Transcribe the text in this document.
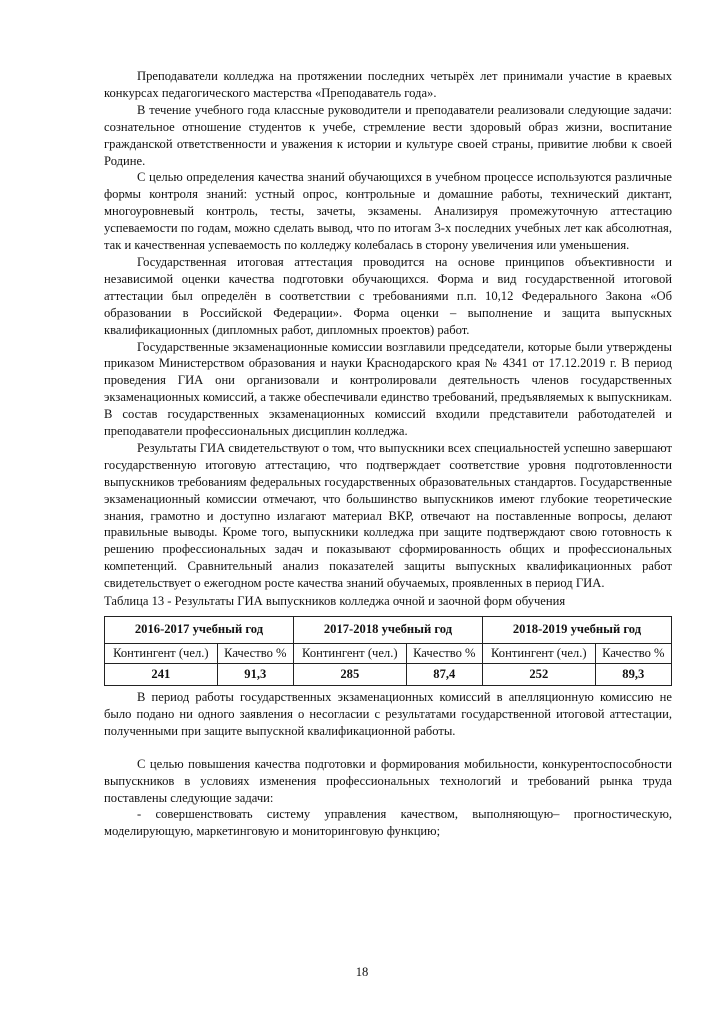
Преподаватели колледжа на протяжении последних четырёх лет принимали участие в краевых конкурсах педагогического мастерства «Преподаватель года».

В течение учебного года классные руководители и преподаватели реализовали следующие задачи: сознательное отношение студентов к учебе, стремление вести здоровый образ жизни, воспитание гражданской ответственности и уважения к истории и культуре своей страны, привитие любви к своей Родине.

С целью определения качества знаний обучающихся в учебном процессе используются различные формы контроля знаний: устный опрос, контрольные и домашние работы, технический диктант, многоуровневый контроль, тесты, зачеты, экзамены. Анализируя промежуточную аттестацию успеваемости по годам, можно сделать вывод, что по итогам 3-х последних учебных лет как абсолютная, так и качественная успеваемость по колледжу колебалась в сторону увеличения или уменьшения.

Государственная итоговая аттестация проводится на основе принципов объективности и независимой оценки качества подготовки обучающихся. Форма и вид государственной итоговой аттестации был определён в соответствии с требованиями п.п. 10,12 Федерального Закона «Об образовании в Российской Федерации». Форма оценки – выполнение и защита выпускных квалификационных (дипломных работ, дипломных проектов) работ.

Государственные экзаменационные комиссии возглавили председатели, которые были утверждены приказом Министерством образования и науки Краснодарского края № 4341 от 17.12.2019 г. В период проведения ГИА они организовали и контролировали деятельность членов государственных экзаменационных комиссий, а также обеспечивали единство требований, предъявляемых к выпускникам. В состав государственных экзаменационных комиссий входили представители работодателей и преподаватели профессиональных дисциплин колледжа.

Результаты ГИА свидетельствуют о том, что выпускники всех специальностей успешно завершают государственную итоговую аттестацию, что подтверждает соответствие уровня подготовленности выпускников требованиям федеральных государственных образовательных стандартов. Государственные экзаменационный комиссии отмечают, что большинство выпускников имеют глубокие теоретические знания, грамотно и доступно излагают материал ВКР, отвечают на поставленные вопросы, делают правильные выводы. Кроме того, выпускники колледжа при защите подтверждают свою готовность к решению профессиональных задач и показывают сформированность общих и профессиональных компетенций. Сравнительный анализ показателей защиты выпускных квалификационных работ свидетельствует о ежегодном росте качества знаний обучаемых, проявленных в период ГИА.

Таблица 13 - Результаты ГИА выпускников колледжа очной и заочной форм обучения

2016-2017 учебный год		2017-2018 учебный год		2018-2019 учебный год	
Контингент (чел.)	Качество %	Контингент (чел.)	Качество %	Контингент (чел.)	Качество %
241	91,3	285	87,4	252	89,3

В период работы государственных экзаменационных комиссий в апелляционную комиссию не было подано ни одного заявления о несогласии с результатами государственной итоговой аттестации, полученными при защите выпускной квалификационной работы.

С целью повышения качества подготовки и формирования мобильности, конкурентоспособности выпускников в условиях изменения профессиональных технологий и требований рынка труда поставлены следующие задачи:

- совершенствовать систему управления качеством, выполняющую– прогностическую, моделирующую, маркетинговую и мониторинговую функцию;

18
